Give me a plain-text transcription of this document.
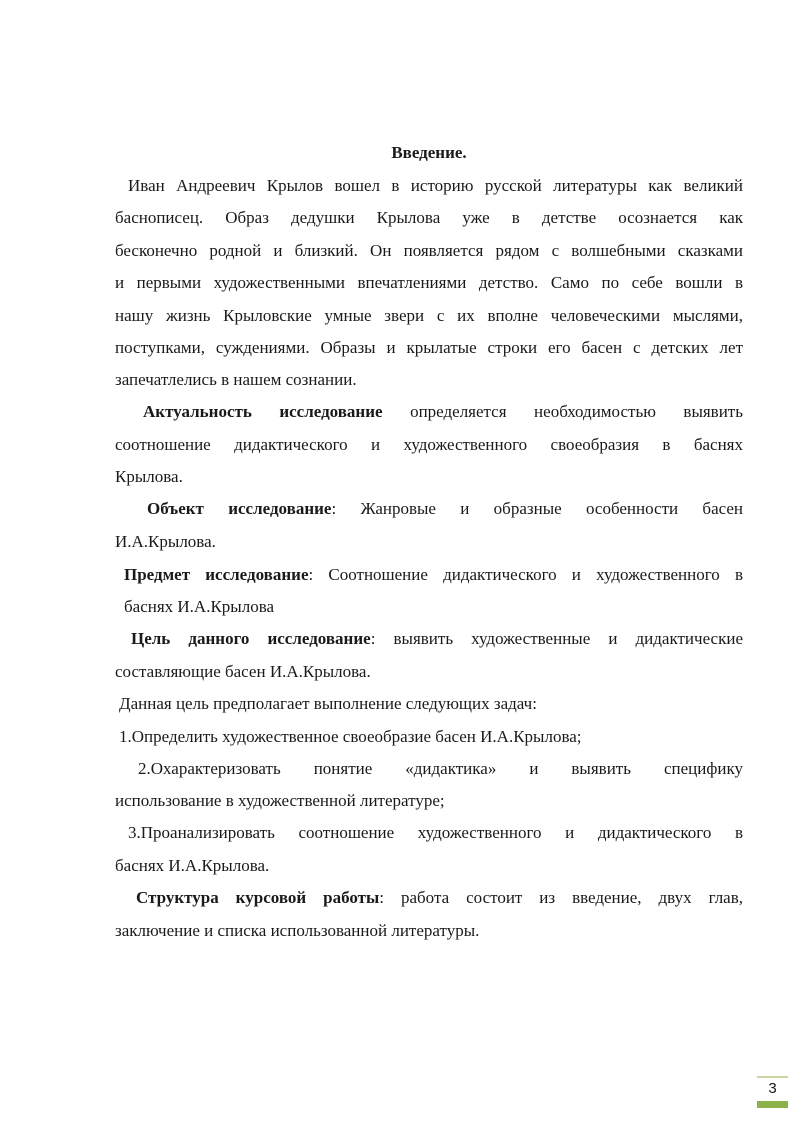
Введение.
Иван Андреевич Крылов вошел в историю русской литературы как великий
баснописец. Образ дедушки Крылова уже в детстве осознается как
бесконечно родной и близкий. Он появляется рядом с волшебными сказками
и первыми художественными впечатлениями детство. Само по себе вошли в
нашу жизнь Крыловские умные звери с их вполне человеческими мыслями,
поступками, суждениями. Образы и крылатые строки его басен с детских лет
запечатлелись в нашем сознании.
Актуальность исследование определяется необходимостью выявить
соотношение дидактического и художественного своеобразия в баснях
Крылова.
Объект исследование: Жанровые и образные особенности басен
И.А.Крылова.
Предмет исследование: Соотношение дидактического и художественного в
баснях И.А.Крылова
Цель данного исследование: выявить художественные и дидактические
составляющие басен И.А.Крылова.
Данная цель предполагает выполнение следующих задач:
1.Определить художественное своеобразие басен И.А.Крылова;
2.Охарактеризовать понятие «дидактика» и выявить специфику
использование в художественной литературе;
3.Проанализировать соотношение художественного и дидактического в
баснях И.А.Крылова.
Структура курсовой работы: работа состоит из введение, двух глав,
заключение и списка использованной литературы.
3
